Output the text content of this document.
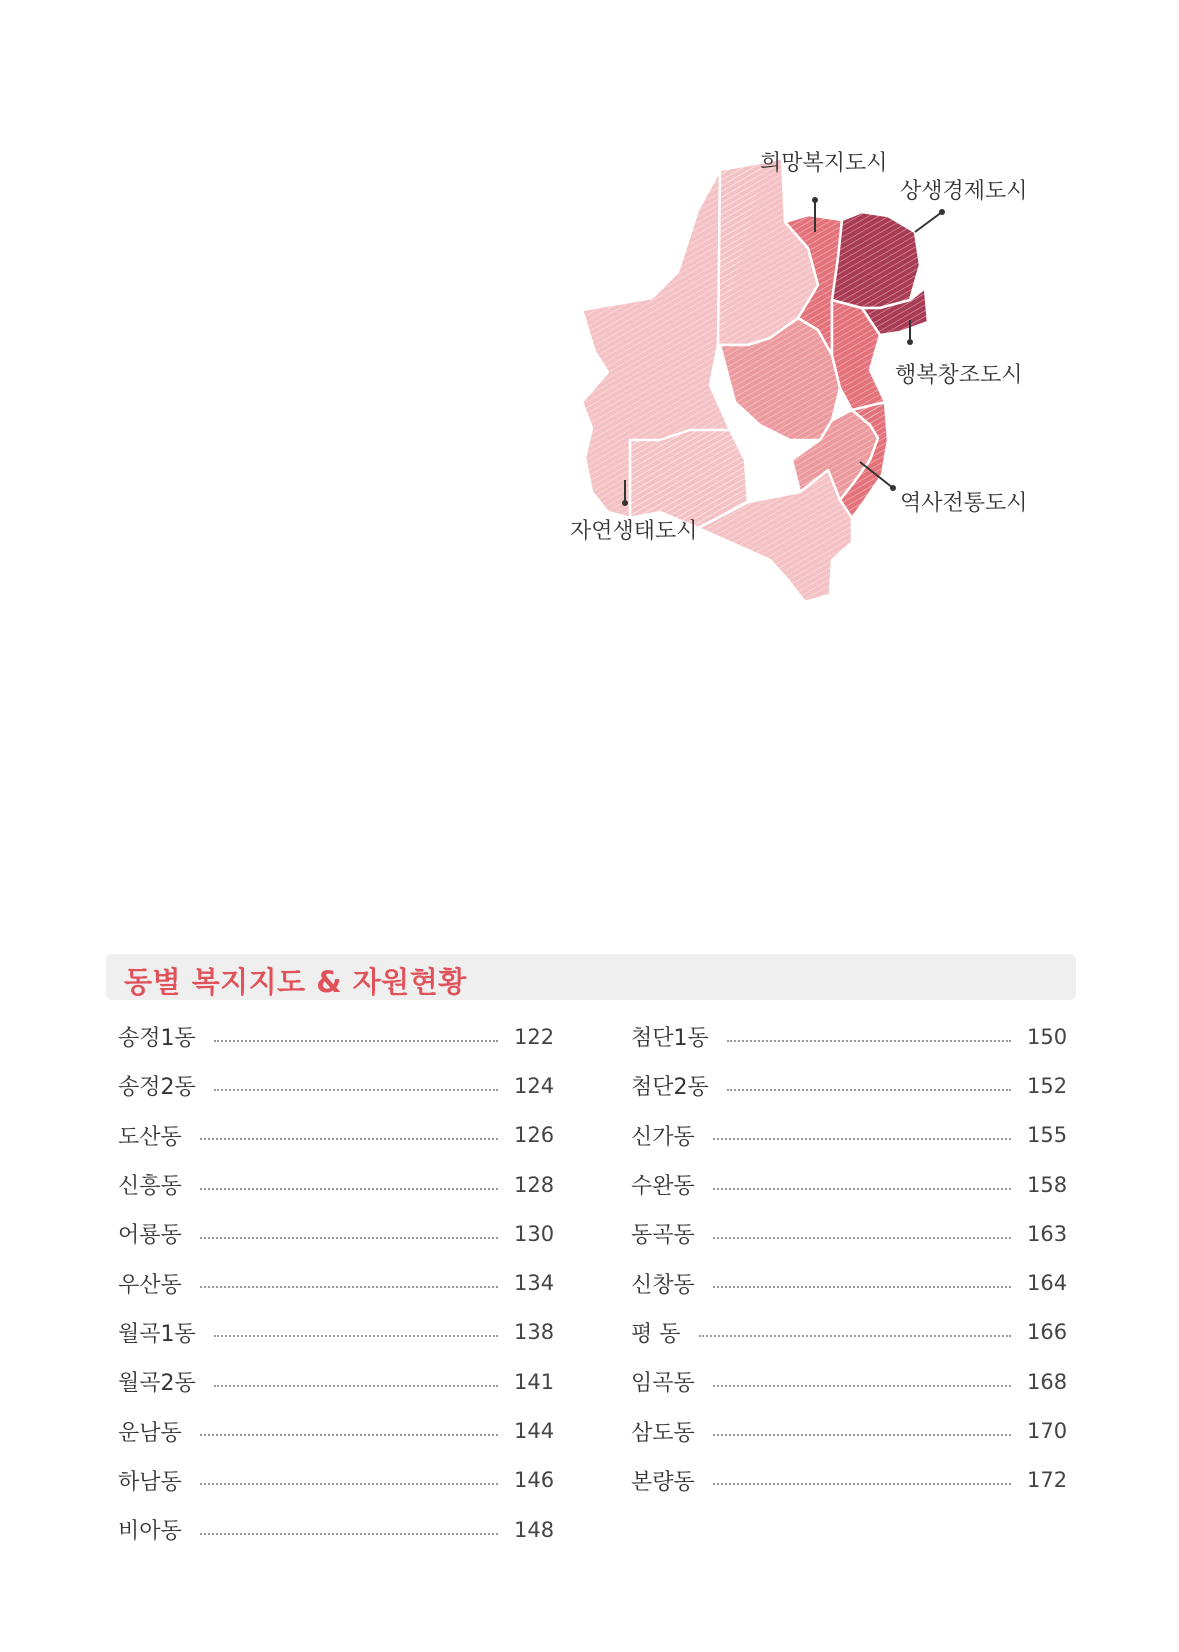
희망복지도시
상생경제도시
행복창조도시
역사전통도시
자연생태도시
동별 복지지도 & 자원현황
송정1동	122
송정2동	124
도산동	126
신흥동	128
어룡동	130
우산동	134
월곡1동	138
월곡2동	141
운남동	144
하남동	146
비아동	148
첨단1동	150
첨단2동	152
신가동	155
수완동	158
동곡동	163
신창동	164
평 동	166
임곡동	168
삼도동	170
본량동	172
